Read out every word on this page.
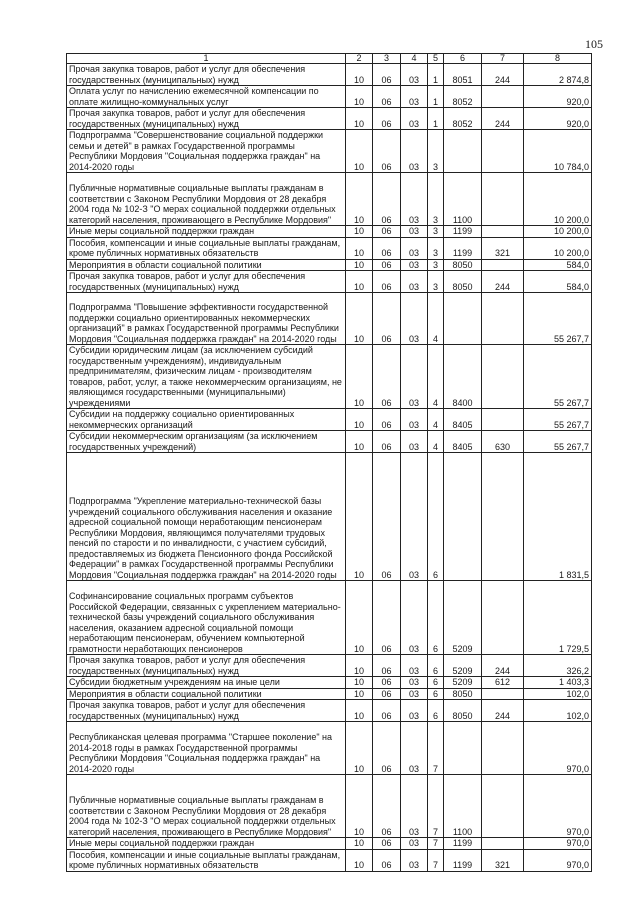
105
1	2	3	4	5	6	7	8
Прочая закупка товаров, работ и услуг для обеспечения государственных (муниципальных) нужд	10	06	03	1	8051	244	2 874,8
Оплата услуг по начислению ежемесячной компенсации по оплате жилищно-коммунальных услуг	10	06	03	1	8052		920,0
Прочая закупка товаров, работ и услуг для обеспечения государственных (муниципальных) нужд	10	06	03	1	8052	244	920,0
Подпрограмма "Совершенствование социальной поддержки семьи и детей" в рамках Государственной программы Республики Мордовия "Социальная поддержка граждан" на 2014-2020 годы	10	06	03	3			10 784,0
Публичные нормативные социальные выплаты гражданам в соответствии с Законом Республики Мордовия от 28 декабря 2004 года № 102-З "О мерах социальной поддержки отдельных категорий населения, проживающего в Республике Мордовия"	10	06	03	3	1100		10 200,0
Иные меры социальной поддержки граждан	10	06	03	3	1199		10 200,0
Пособия, компенсации и иные социальные выплаты гражданам, кроме публичных нормативных обязательств	10	06	03	3	1199	321	10 200,0
Мероприятия в области социальной политики	10	06	03	3	8050		584,0
Прочая закупка товаров, работ и услуг для обеспечения государственных (муниципальных) нужд	10	06	03	3	8050	244	584,0
Подпрограмма "Повышение эффективности государственной поддержки социально ориентированных некоммерческих организаций" в рамках Государственной программы Республики Мордовия "Социальная поддержка граждан" на 2014-2020 годы	10	06	03	4			55 267,7
Субсидии юридическим лицам (за исключением субсидий государственным учреждениям), индивидуальным предпринимателям, физическим лицам - производителям товаров, работ, услуг, а также некоммерческим организациям, не являющимся государственными (муниципальными) учреждениями	10	06	03	4	8400		55 267,7
Субсидии на поддержку социально ориентированных некоммерческих организаций	10	06	03	4	8405		55 267,7
Субсидии некоммерческим организациям (за исключением государственных учреждений)	10	06	03	4	8405	630	55 267,7
Подпрограмма "Укрепление материально-технической базы учреждений социального обслуживания населения и оказание адресной социальной помощи неработающим пенсионерам Республики Мордовия, являющимся получателями трудовых пенсий по старости и по инвалидности, с участием субсидий, предоставляемых из бюджета Пенсионного фонда Российской Федерации" в рамках Государственной программы Республики Мордовия "Социальная поддержка граждан" на 2014-2020 годы	10	06	03	6			1 831,5
Софинансирование социальных программ субъектов Российской Федерации, связанных с укреплением материально-технической базы учреждений социального обслуживания населения, оказанием адресной социальной помощи неработающим пенсионерам, обучением компьютерной грамотности неработающих пенсионеров	10	06	03	6	5209		1 729,5
Прочая закупка товаров, работ и услуг для обеспечения государственных (муниципальных) нужд	10	06	03	6	5209	244	326,2
Субсидии бюджетным учреждениям на иные цели	10	06	03	6	5209	612	1 403,3
Мероприятия в области социальной политики	10	06	03	6	8050		102,0
Прочая закупка товаров, работ и услуг для обеспечения государственных (муниципальных) нужд	10	06	03	6	8050	244	102,0
Республиканская целевая программа "Старшее поколение" на 2014-2018 годы в рамках Государственной программы Республики Мордовия "Социальная поддержка граждан" на 2014-2020 годы	10	06	03	7			970,0
Публичные нормативные социальные выплаты гражданам в соответствии с Законом Республики Мордовия от 28 декабря 2004 года № 102-З "О мерах социальной поддержки отдельных категорий населения, проживающего в Республике Мордовия"	10	06	03	7	1100		970,0
Иные меры социальной поддержки граждан	10	06	03	7	1199		970,0
Пособия, компенсации и иные социальные выплаты гражданам, кроме публичных нормативных обязательств	10	06	03	7	1199	321	970,0
